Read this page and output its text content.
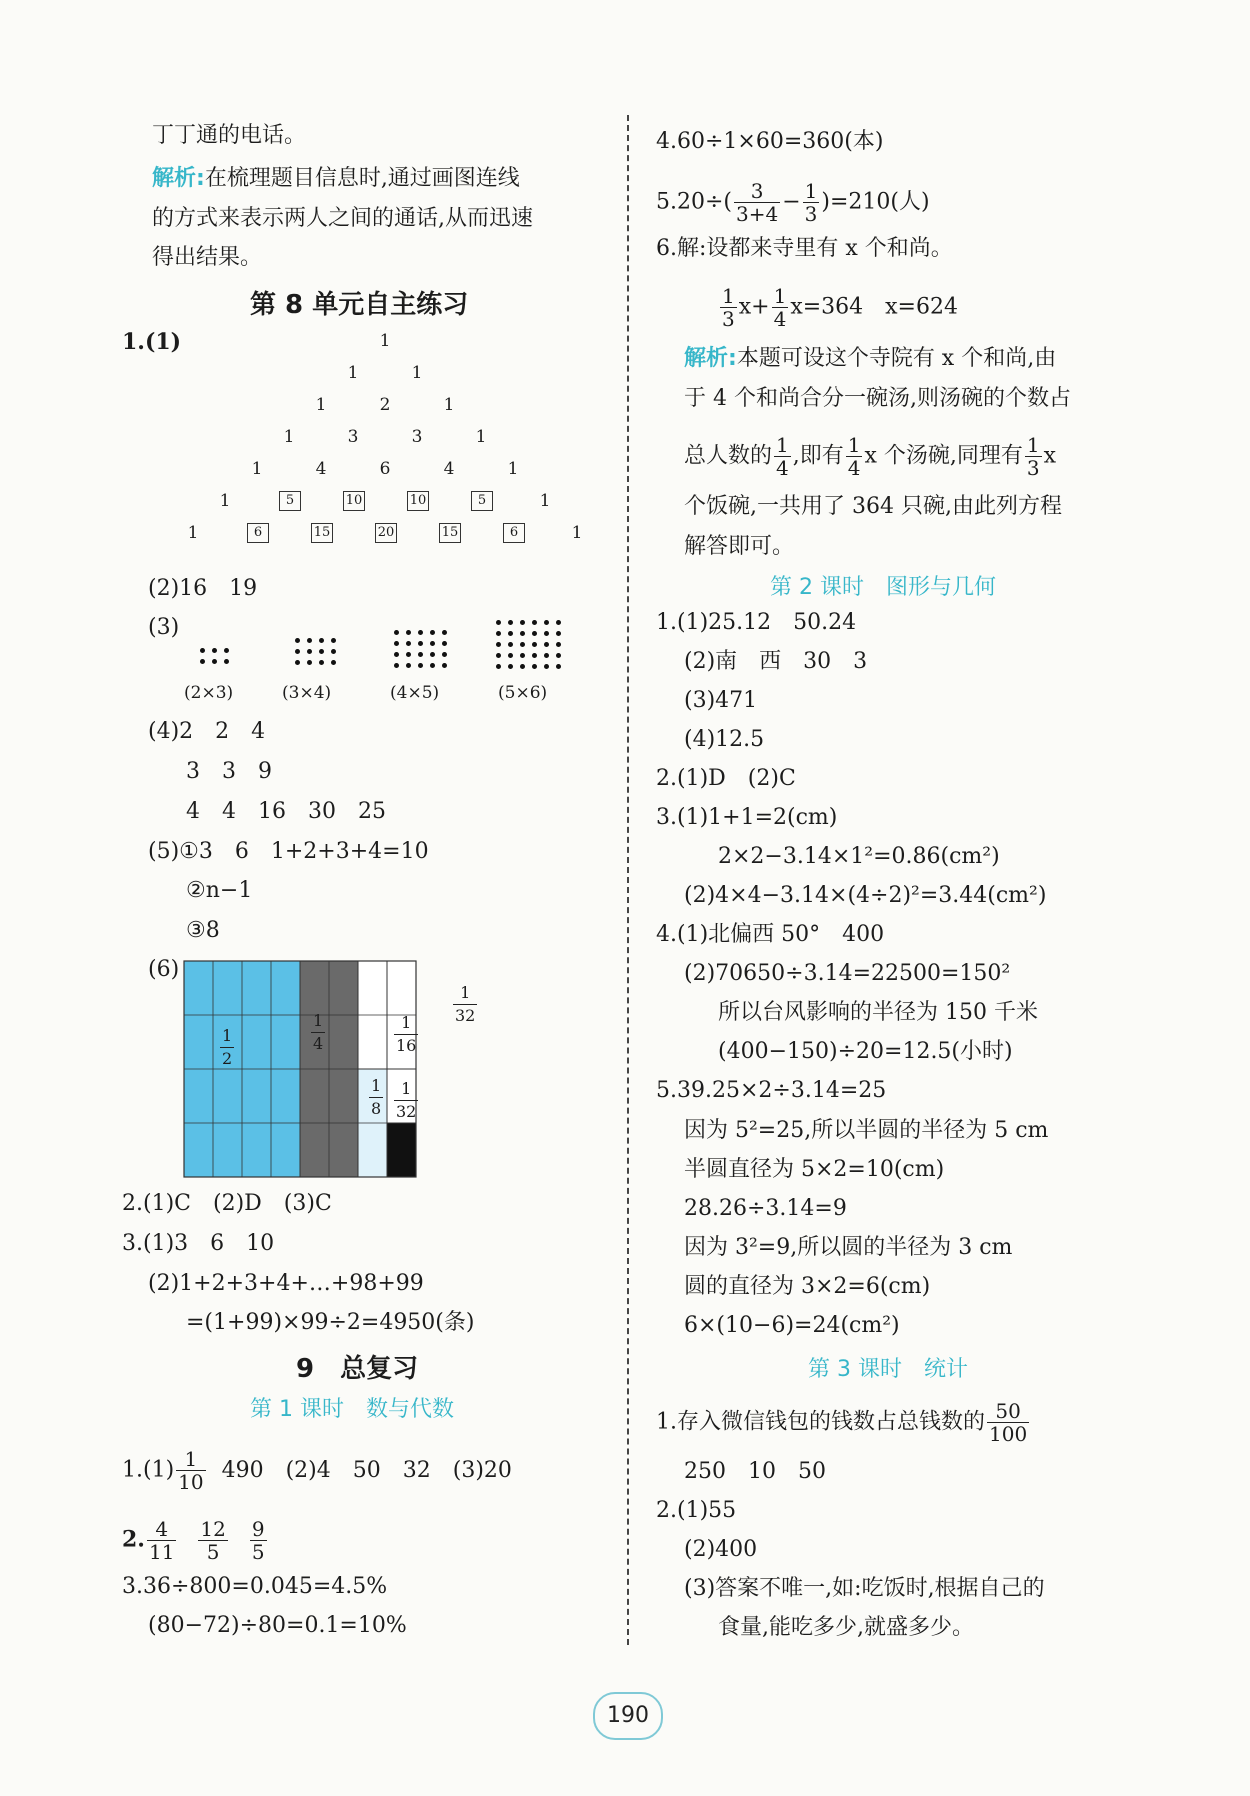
丁丁通的电话。
解析:在梳理题目信息时,通过画图连线
的方式来表示两人之间的通话,从而迅速
得出结果。
第 8 单元自主练习
1.(1)	1
1	1
1	2	1
1	3	3	1
1	4	6	4	1
1	5	10	10	5	1
1	6	15	20	15	6	1
(2)16　19
(3)
(2×3)	(3×4)	(4×5)	(5×6)
(4)2　2　4
3　3　9
4　4　16　30　25
(5)①3　6　1+2+3+4=10
②n−1
③8
(6)
1
2
1
4
1
16
1
8
1
32
1
32
2.(1)C　(2)D　(3)C
3.(1)3　6　10
(2)1+2+3+4+…+98+99
=(1+99)×99÷2=4950(条)
9　总复习
第 1 课时　数与代数
$1.(1) \frac{1}{10} 490$　(2)4　50　32　(3)20
2. $\frac{4}{11} \frac{12}{5} \frac{9}{5}$
3.36÷800=0.045=4.5%
(80−72)÷80=0.1=10%
4.60÷1×60=360(本)
$5.20\div( \frac{3}{3+4} - \frac{1}{3} )=210$(人)
6.解:设都来寺里有 x 个和尚。
$\frac{1}{3} x+ \frac{1}{4} x=364$　x=624
解析:本题可设这个寺院有 x 个和尚,由
于 4 个和尚合分一碗汤,则汤碗的个数占
总人数的 $\frac{1}{4}$ ,即有 $\frac{1}{4}$ x 个汤碗,同理有 $\frac{1}{3}$ x
个饭碗,一共用了 364 只碗,由此列方程
解答即可。
第 2 课时　图形与几何
1.(1)25.12　50.24
(2)南　西　30　3
(3)471
(4)12.5
2.(1)D　(2)C
3.(1)1+1=2(cm)
2×2−3.14×1²=0.86(cm²)
(2)4×4−3.14×(4÷2)²=3.44(cm²)
4.(1)北偏西 50°　400
(2)70650÷3.14=22500=150²
所以台风影响的半径为 150 千米
(400−150)÷20=12.5(小时)
5.39.25×2÷3.14=25
因为 5²=25,所以半圆的半径为 5 cm
半圆直径为 5×2=10(cm)
28.26÷3.14=9
因为 3²=9,所以圆的半径为 3 cm
圆的直径为 3×2=6(cm)
6×(10−6)=24(cm²)
第 3 课时　统计
1.存入微信钱包的钱数占总钱数的 $\frac{50}{100}$
250　10　50
2.(1)55
(2)400
(3)答案不唯一,如:吃饭时,根据自己的
食量,能吃多少,就盛多少。
190
